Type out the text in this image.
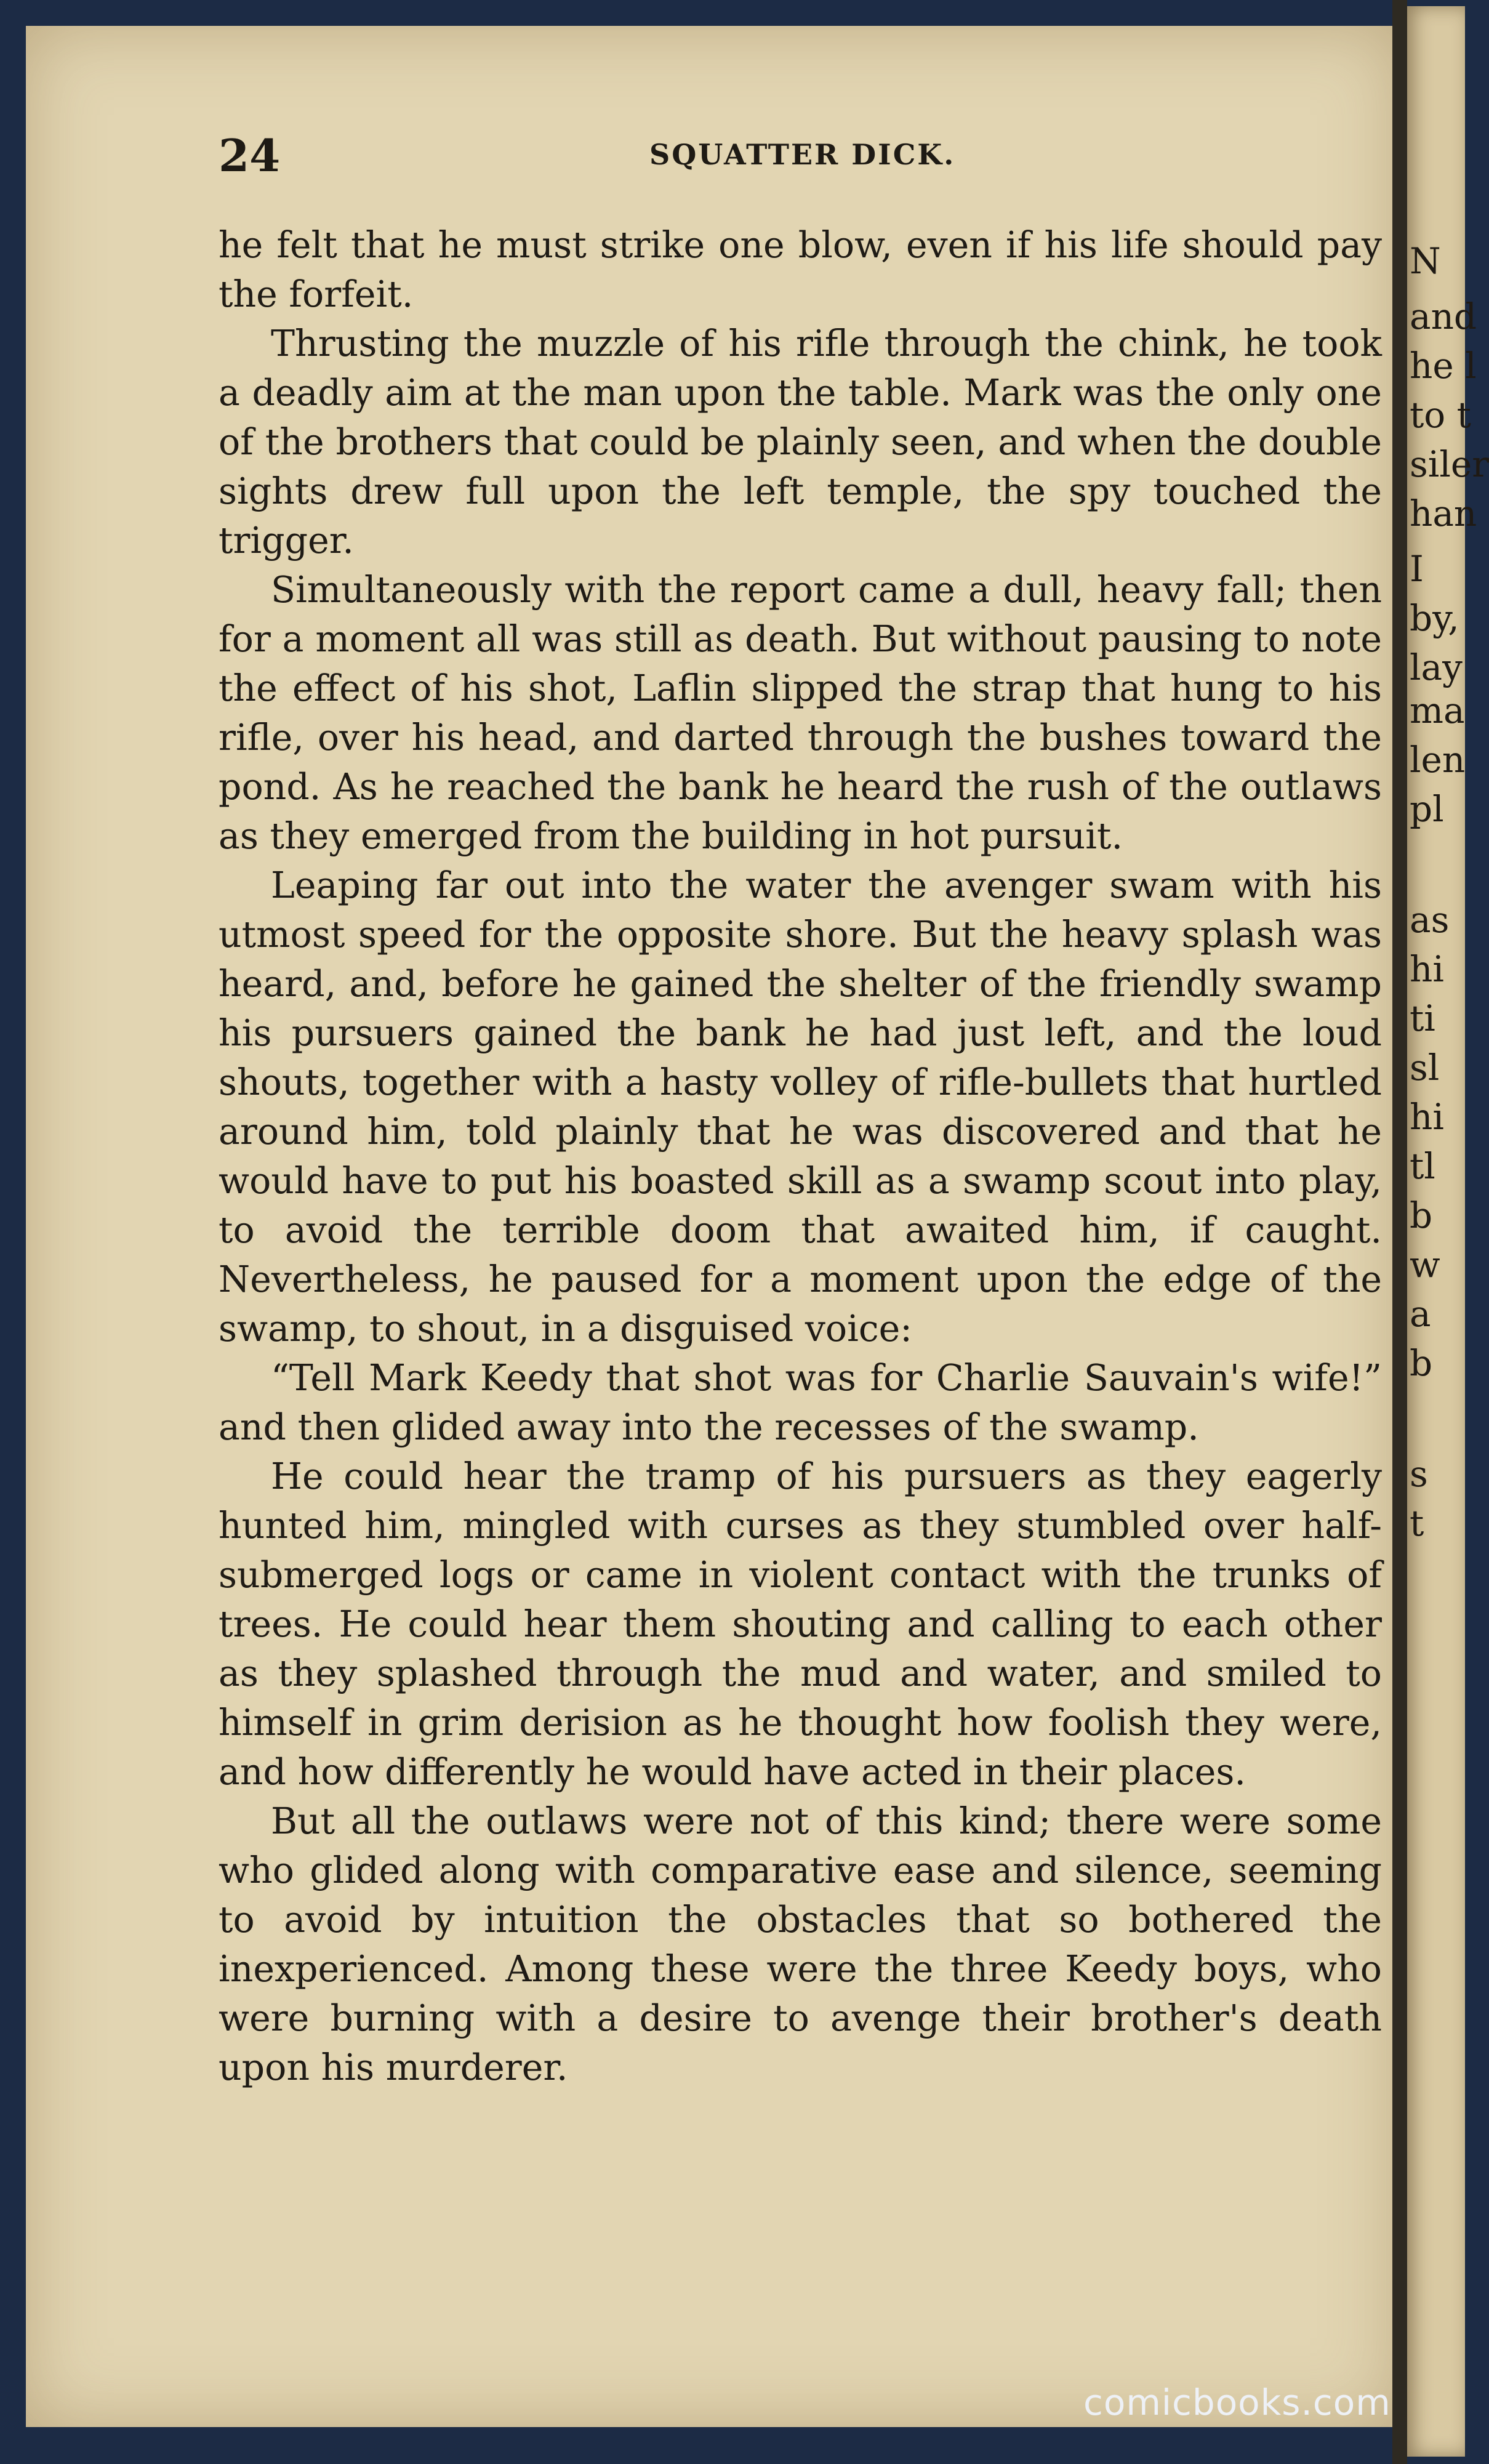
N
and
he l
to t
siler
han
I
by,
lay
ma
len
pl
as
hi
ti
sl
hi
tl
b
w
a
b
s
t
24	SQUATTER DICK.

he felt that he must strike one blow, even if his life should pay the forfeit.

Thrusting the muzzle of his rifle through the chink, he took a deadly aim at the man upon the table. Mark was the only one of the brothers that could be plainly seen, and when the double sights drew full upon the left temple, the spy touched the trigger.

Simultaneously with the report came a dull, heavy fall; then for a moment all was still as death. But without pausing to note the effect of his shot, Laflin slipped the strap that hung to his rifle, over his head, and darted through the bushes toward the pond. As he reached the bank he heard the rush of the outlaws as they emerged from the building in hot pursuit.

Leaping far out into the water the avenger swam with his utmost speed for the opposite shore. But the heavy splash was heard, and, before he gained the shelter of the friendly swamp his pursuers gained the bank he had just left, and the loud shouts, together with a hasty volley of rifle-bullets that hurtled around him, told plainly that he was discovered and that he would have to put his boasted skill as a swamp scout into play, to avoid the terrible doom that awaited him, if caught. Nevertheless, he paused for a moment upon the edge of the swamp, to shout, in a disguised voice:

“Tell Mark Keedy that shot was for Charlie Sauvain's wife!” and then glided away into the recesses of the swamp.

He could hear the tramp of his pursuers as they eagerly hunted him, mingled with curses as they stumbled over half-submerged logs or came in violent contact with the trunks of trees. He could hear them shouting and calling to each other as they splashed through the mud and water, and smiled to himself in grim derision as he thought how foolish they were, and how differently he would have acted in their places.

But all the outlaws were not of this kind; there were some who glided along with comparative ease and silence, seeming to avoid by intuition the obstacles that so bothered the inexperienced. Among these were the three Keedy boys, who were burning with a desire to avenge their brother's death upon his murderer.

comicbooks.com
